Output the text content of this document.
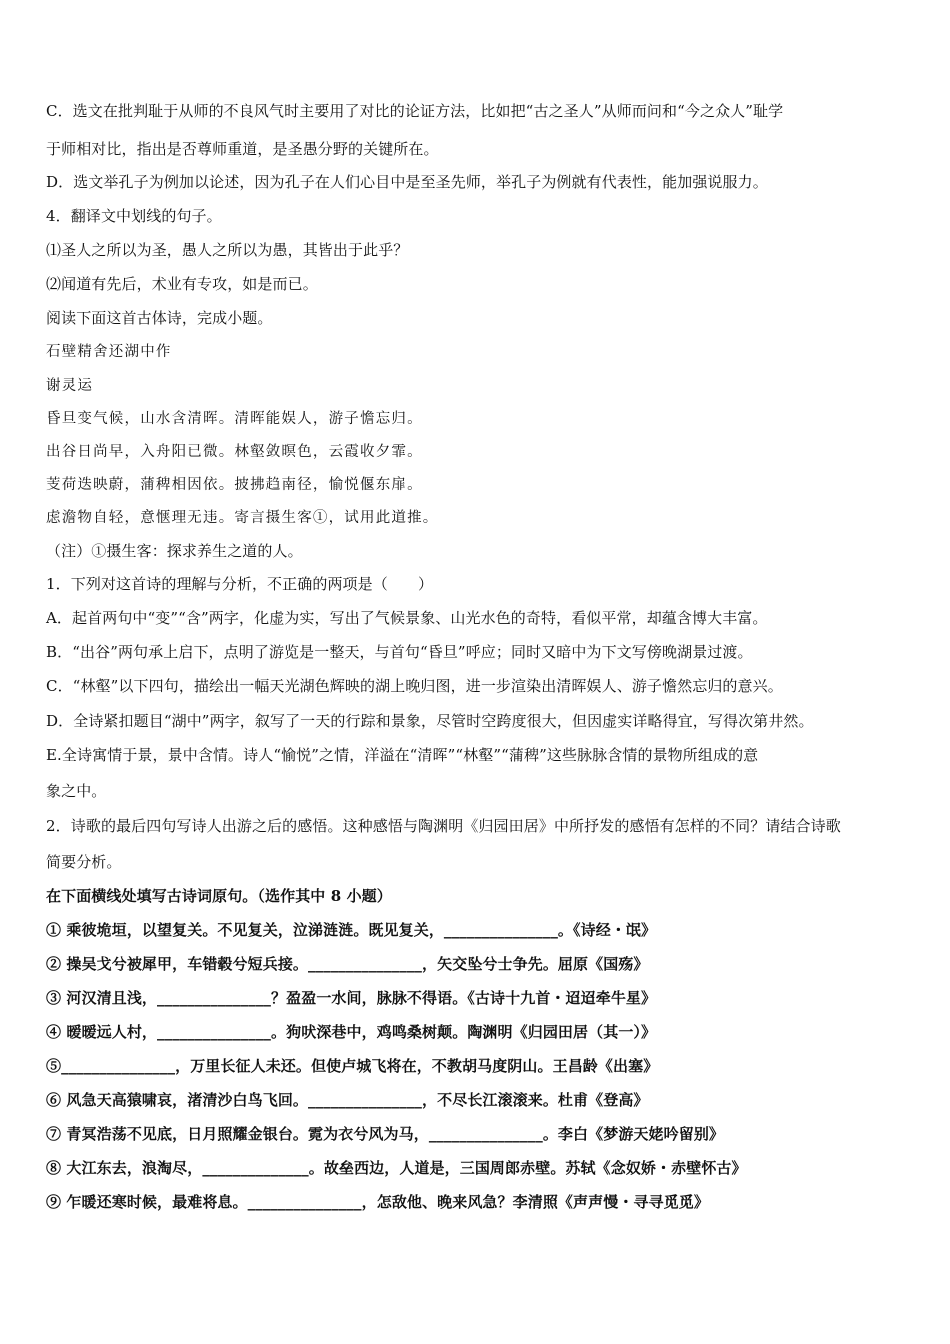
C．选文在批判耻于从师的不良风气时主要用了对比的论证方法，比如把“古之圣人”从师而问和“今之众人”耻学
于师相对比，指出是否尊师重道，是圣愚分野的关键所在。
D．选文举孔子为例加以论述，因为孔子在人们心目中是至圣先师，举孔子为例就有代表性，能加强说服力。
4．翻译文中划线的句子。
⑴圣人之所以为圣，愚人之所以为愚，其皆出于此乎？
⑵闻道有先后，术业有专攻，如是而已。
阅读下面这首古体诗，完成小题。
石壁精舍还湖中作
谢灵运
昏旦变气候，山水含清晖。清晖能娱人，游子憺忘归。
出谷日尚早，入舟阳已微。林壑敛暝色，云霞收夕霏。
芰荷迭映蔚，蒲稗相因依。披拂趋南径，愉悦偃东扉。
虑澹物自轻，意惬理无违。寄言摄生客①，试用此道推。
（注）①摄生客：探求养生之道的人。
1．下列对这首诗的理解与分析，不正确的两项是（　　）
A．起首两句中“变”“含”两字，化虚为实，写出了气候景象、山光水色的奇特，看似平常，却蕴含博大丰富。
B．“出谷”两句承上启下，点明了游览是一整天，与首句“昏旦”呼应；同时又暗中为下文写傍晚湖景过渡。
C．“林壑”以下四句，描绘出一幅天光湖色辉映的湖上晚归图，进一步渲染出清晖娱人、游子憺然忘归的意兴。
D．全诗紧扣题目“湖中”两字，叙写了一天的行踪和景象，尽管时空跨度很大，但因虚实详略得宜，写得次第井然。
E.全诗寓情于景，景中含情。诗人“愉悦”之情，洋溢在“清晖”“林壑”“蒲稗”这些脉脉含情的景物所组成的意
象之中。
2．诗歌的最后四句写诗人出游之后的感悟。这种感悟与陶渊明《归园田居》中所抒发的感悟有怎样的不同？请结合诗歌
简要分析。
在下面横线处填写古诗词原句。（选作其中 8 小题）
① 乘彼垝垣，以望复关。不见复关，泣涕涟涟。既见复关，_______________。《诗经・氓》
② 操吴戈兮被犀甲，车错毂兮短兵接。_______________，矢交坠兮士争先。屈原《国殇》
③ 河汉清且浅，_______________？盈盈一水间，脉脉不得语。《古诗十九首・迢迢牵牛星》
④ 暧暧远人村，_______________。狗吠深巷中，鸡鸣桑树颠。陶渊明《归园田居（其一）》
⑤_______________，万里长征人未还。但使卢城飞将在，不教胡马度阴山。王昌龄《出塞》
⑥ 风急天高猿啸哀，渚清沙白鸟飞回。_______________，不尽长江滚滚来。杜甫《登高》
⑦ 青冥浩荡不见底，日月照耀金银台。霓为衣兮风为马，_______________。李白《梦游天姥吟留别》
⑧ 大江东去，浪淘尽，______________。故垒西边，人道是，三国周郎赤壁。苏轼《念奴娇・赤壁怀古》
⑨ 乍暖还寒时候，最难将息。_______________，怎敌他、晚来风急？李清照《声声慢・寻寻觅觅》
